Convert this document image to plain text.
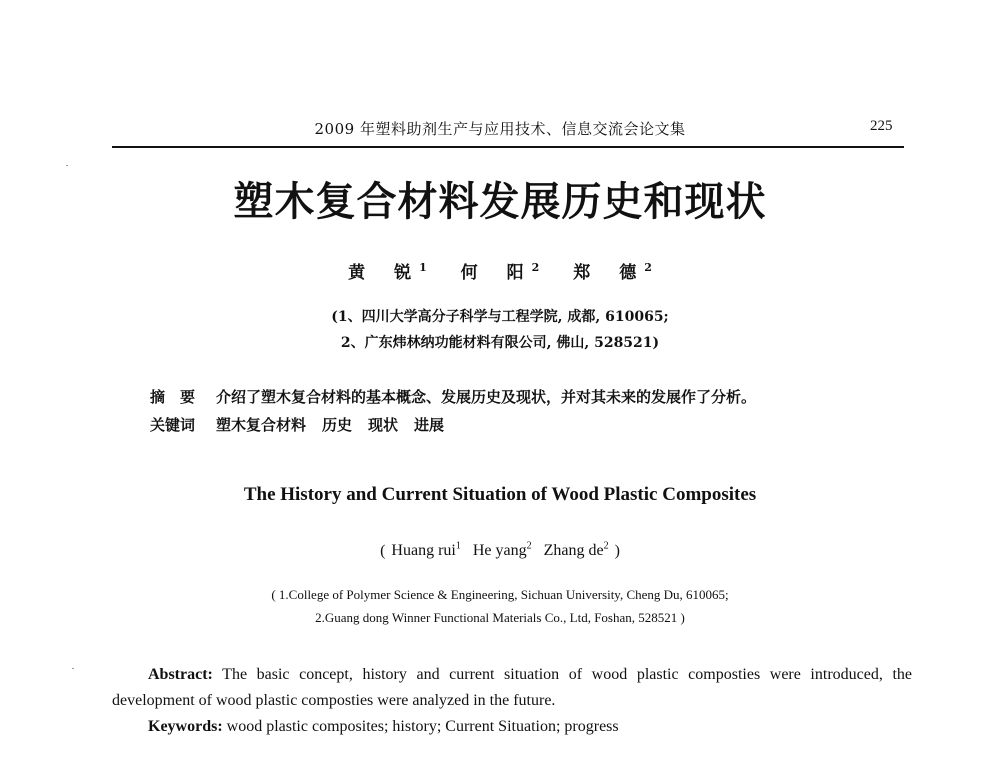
2009 年塑料助剂生产与应用技术、信息交流会论文集	225
塑木复合材料发展历史和现状
黄　锐 $^1$ 何　阳 $^2$ 郑　德 $^2$
(1、四川大学高分子科学与工程学院, 成都, 610065;
2、广东炜林纳功能材料有限公司, 佛山, 528521)
摘　要 介绍了塑木复合材料的基本概念、发展历史及现状，并对其未来的发展作了分析。
关键词 塑木复合材料 历史 现状 进展
The History and Current Situation of Wood Plastic Composites
( Huang rui$^1$ He yang$^2$ Zhang $de^2$ )
( 1.College of Polymer Science & Engineering, Sichuan University, Cheng Du, 610065;
2.Guang dong Winner Functional Materials Co., Ltd, Foshan, 528521 )
Abstract: The basic concept, history and current situation of wood plastic composties were introduced, the development of wood plastic composties were analyzed in the future.
Keywords: wood plastic composites; history; Current Situation; progress
